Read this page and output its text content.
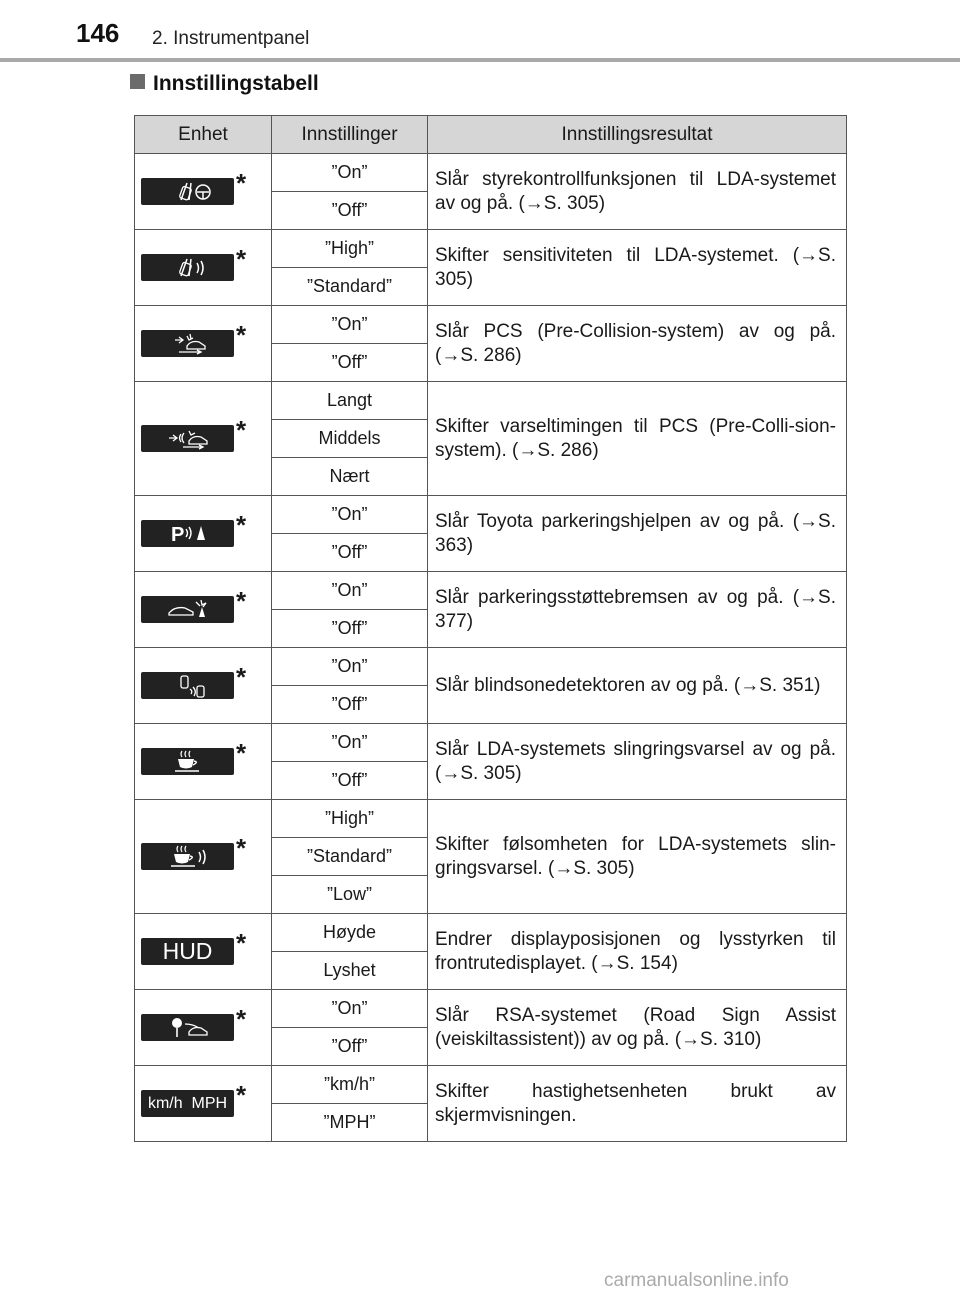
146 2. Instrumentpanel
Innstillingstabell
Enhet	Innstillinger	Innstillingsresultat

*	”On”	Slår styrekontrollfunksjonen til LDA-systemet av og på. (→S. 305)
	”Off”	

*	”High”	Skifter sensitiviteten til LDA-systemet. (→S. 305)
	”Standard”	

*	”On”	Slår PCS (Pre-Collision-system) av og på. (→S. 286)
	”Off”	

*	Langt	Skifter varseltimingen til PCS (Pre-Colli-sion-system). (→S. 286)
	Middels	
	Nært	

P *	”On”	Slår Toyota parkeringshjelpen av og på. (→S. 363)
	”Off”	

*	”On”	Slår parkeringsstøttebremsen av og på. (→S. 377)
	”Off”	

*	”On”	Slår blindsonedetektoren av og på. (→S. 351)
	”Off”	

*	”On”	Slår LDA-systemets slingringsvarsel av og på. (→S. 305)
	”Off”	

*	”High”	Skifter følsomheten for LDA-systemets slin-gringsvarsel. (→S. 305)
	”Standard”	
	”Low”	

HUD *	Høyde	Endrer displayposisjonen og lysstyrken til frontrutedisplayet. (→S. 154)
	Lyshet	

*	”On”	Slår RSA-systemet (Road Sign Assist (veiskiltassistent)) av og på. (→S. 310)
	”Off”	

km/h  MPH *	”km/h”	Skifter hastighetsenheten brukt av skjermvisningen.
	”MPH”	
carmanualsonline.info
